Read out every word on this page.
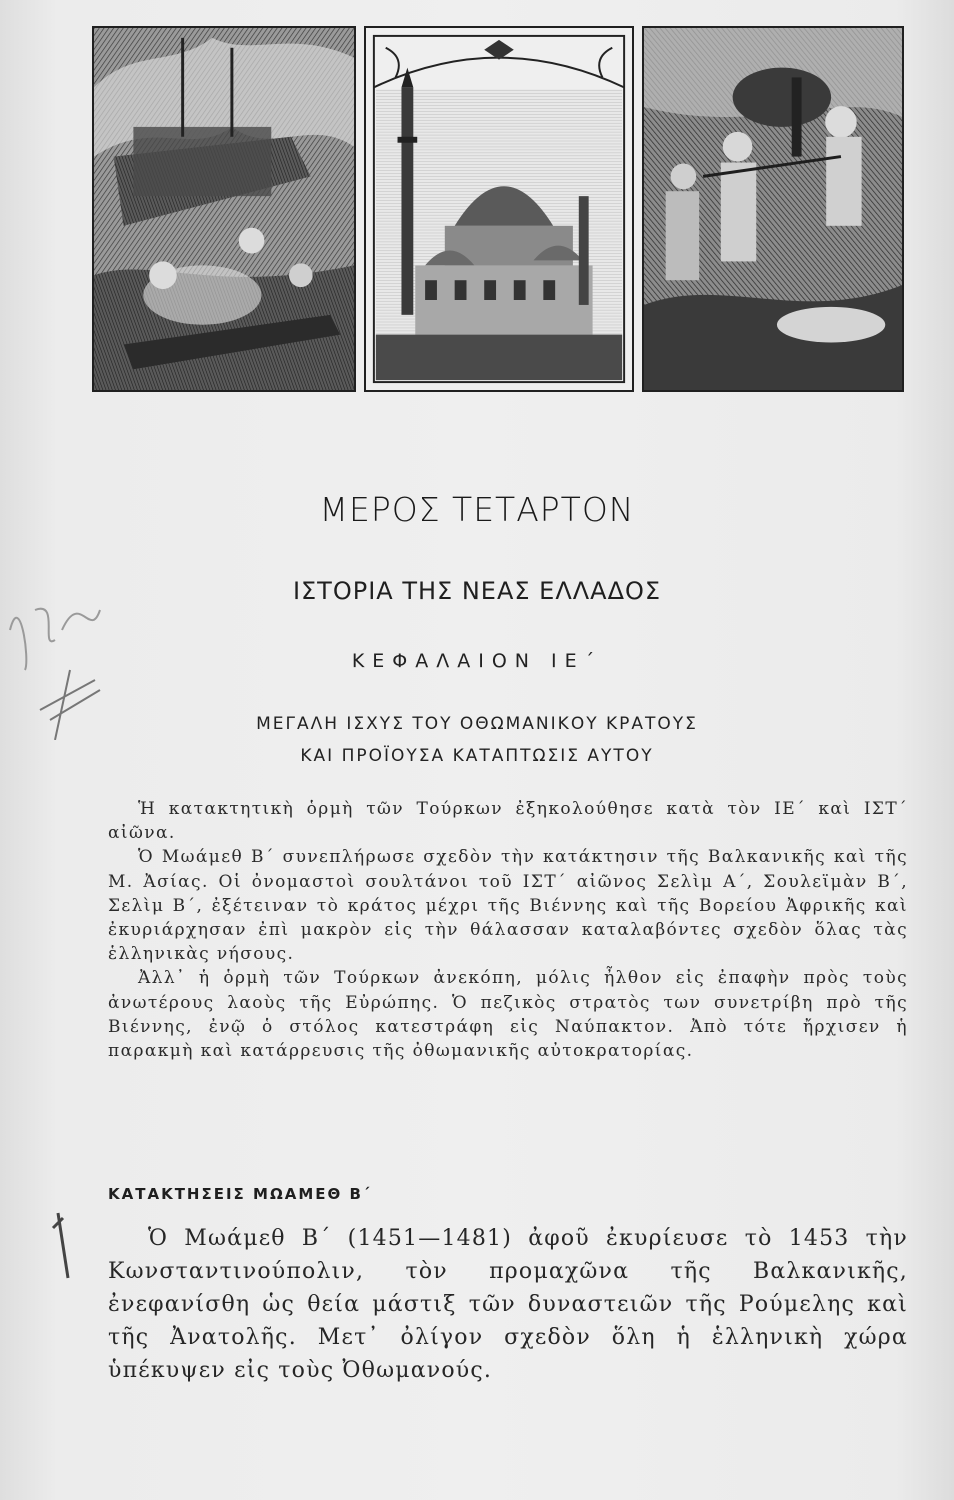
ΜΕΡΟΣ ΤΕΤΑΡΤΟΝ
ΙΣΤΟΡΙΑ ΤΗΣ ΝΕΑΣ ΕΛΛΑΔΟΣ
ΚΕΦΑΛΑΙΟΝ ΙΕ΄
ΜΕΓΑΛΗ ΙΣΧΥΣ ΤΟΥ ΟΘΩΜΑΝΙΚΟΥ ΚΡΑΤΟΥΣ
ΚΑΙ ΠΡΟΪΟΥΣΑ ΚΑΤΑΠΤΩΣΙΣ ΑΥΤΟΥ

Ἡ κατακτητικὴ ὁρμὴ τῶν Τούρκων ἐξηκολούθησε κατὰ τὸν ΙΕ΄ καὶ ΙΣΤ΄ αἰῶνα.

Ὁ Μωάμεθ Β΄ συνεπλήρωσε σχεδὸν τὴν κατάκτησιν τῆς Βαλκανικῆς καὶ τῆς Μ. Ἀσίας. Οἱ ὀνομαστοὶ σουλτάνοι τοῦ ΙΣΤ΄ αἰῶνος Σελὶμ Α΄, Σουλεϊμὰν Β΄, Σελὶμ Β΄, ἐξέτειναν τὸ κράτος μέχρι τῆς Βιέννης καὶ τῆς Βορείου Ἀφρικῆς καὶ ἐκυριάρχησαν ἐπὶ μακρὸν εἰς τὴν θάλασσαν καταλαβόντες σχεδὸν ὅλας τὰς ἑλληνικὰς νήσους.

Ἀλλ᾽ ἡ ὁρμὴ τῶν Τούρκων ἀνεκόπη, μόλις ἦλθον εἰς ἐπαφὴν πρὸς τοὺς ἀνωτέρους λαοὺς τῆς Εὐρώπης. Ὁ πεζικὸς στρατὸς των συνετρίβη πρὸ τῆς Βιέννης, ἐνῷ ὁ στόλος κατεστράφη εἰς Ναύπακτον. Ἀπὸ τότε ἤρχισεν ἡ παρακμὴ καὶ κατάρρευσις τῆς ὀθωμανικῆς αὐτοκρατορίας.

ΚΑΤΑΚΤΗΣΕΙΣ ΜΩΑΜΕΘ Β΄

Ὁ Μωάμεθ Β΄ (1451—1481) ἀφοῦ ἐκυρίευσε τὸ 1453 τὴν Κωνσταντινούπολιν, τὸν προμαχῶνα τῆς Βαλκανικῆς, ἐνεφανίσθη ὡς θεία μάστιξ τῶν δυναστειῶν τῆς Ρούμελης καὶ τῆς Ἀνατολῆς. Μετ᾽ ὀλίγον σχεδὸν ὅλη ἡ ἑλληνικὴ χώρα ὑπέκυψεν εἰς τοὺς Ὀθωμανούς.
